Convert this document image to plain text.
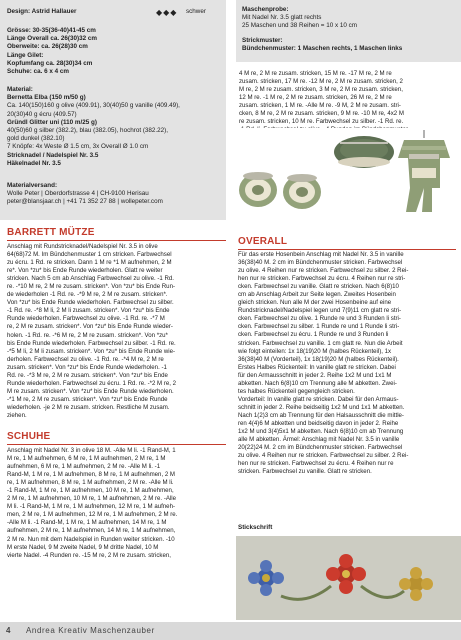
Design: Astrid Hallauer	◆◆◆ schwer

Grösse: 30-35(36-40)41-45 cm

Länge Overall ca. 26(30)32 cm

Oberweite: ca. 26(28)30 cm

Länge Gilet:

Kopfumfang ca. 28(30)34 cm

Schuhe: ca. 6 x 4 cm

Material:

Bernetta Elba (150 m/50 g)

Ca. 140(150)160 g olive (409.91), 30(40)50 g vanille (409.49),

20(30)40 g écru (409.57)

Gründl Glitter uni (110 m/25 g)

40(50)60 g silber (382.2), blau (382.05), hochrot (382.22),

gold dunkel (382.10)

7 Knöpfe: 4x Weste Ø 1.5 cm, 3x Overall Ø 1.0 cm

Stricknadel / Nadelspiel Nr. 3.5

Häkelnadel Nr. 3.5

Materialversand:

Wolle Peter | Oberdorfstrasse 4 | CH-9100 Herisau

peter@blansjaar.ch | +41 71 352 27 88 | wollepeter.com

Maschenprobe:

Mit Nadel Nr. 3.5 glatt rechts

25 Maschen und 38 Reihen = 10 x 10 cm

Strickmuster:

Bündchenmuster: 1 Maschen rechts, 1 Maschen links

4 M re, 2 M re zusam. stricken, 15 M re. -17 M re, 2 M re

zusam. stricken, 17 M re. -12 M re, 2 M re zusam. stricken, 2

M re, 2 M re zusam. stricken, 3 M re, 2 M re zusam. stricken,

12 M re. -1 M re, 2 M re zusam. stricken, 26 M re, 2 M re

zusam. stricken, 1 M re. -Alle M re. -9 M, 2 M re zusam. stri-

cken, 8 M re, 2 M re zusam. stricken, 9 M re. -10 M re, 4x2 M

re zusam. stricken, 10 M re. Farbwechsel zu silber. -1 Rd. re.

BARRETT MÜTZE

Anschlag mit Rundstricknadel/Nadelspiel Nr. 3.5 in olive

64(68)72 M. Im Bündchenmuster 1 cm stricken. Farbwechsel

zu écru. 1 Rd. re stricken. Dann 1 M re *1 M aufnehmen, 2 M

re*. Von *zu* bis Ende Runde wiederholen. Glatt re weiter

stricken. Nach 5 cm ab Anschlag Farbwechsel zu olive. -1 Rd.

re. -*10 M re, 2 M re zusam. stricken*. Von *zu* bis Ende Run-

de wiederholen -1 Rd. re. -*9 M re, 2 M re zusam. stricken*.

Von *zu* bis Ende Runde wiederholen. Farbwechsel zu silber.

-1 Rd. re. -*8 M li, 2 M li zusam. stricken*. Von *zu* bis Ende

Runde wiederholen. Farbwechsel zu olive. -1 Rd. re. -*7 M

re, 2 M re zusam. stricken*. Von *zu* bis Ende Runde wieder-

holen. -1 Rd. re. -*6 M re, 2 M re zusam. stricken*. Von *zu*

bis Ende Runde wiederholen. Farbwechsel zu silber. -1 Rd. re.

-*5 M li, 2 M li zusam. stricken*. Von *zu* bis Ende Runde wie-

derholen. Farbwechsel zu olive. -1 Rd. re. -*4 M re, 2 M re

zusam. stricken*. Von *zu* bis Ende Runde wiederholen. -1

Rd. re. -*3 M re, 2 M re zusam. stricken*. Von *zu* bis Ende

Runde wiederholen. Farbwechsel zu écru. 1 Rd. re. -*2 M re, 2

M re zusam. stricken*. Von *zu* bis Ende Runde wiederholen.

-*1 M re, 2 M re zusam. stricken*. Von *zu* bis Ende Runde

wiederholen. -je 2 M re zusam. stricken. Restliche M zusam.

ziehen.

SCHUHE

Anschlag mit Nadel Nr. 3 in olive 18 M. -Alle M li. -1 Rand-M, 1

M re, 1 M aufnehmen, 6 M re, 1 M aufnehmen, 2 M re, 1 M

aufnehmen, 6 M re, 1 M aufnehmen, 2 M re. -Alle M li. -1

Rand-M, 1 M re, 1 M aufnehmen, 8 M re, 1 M aufnehmen, 2 M

re, 1 M aufnehmen, 8 M re, 1 M aufnehmen, 2 M re. -Alle M li.

-1 Rand-M, 1 M re, 1 M aufnehmen, 10 M re, 1 M aufnehmen,

2 M re, 1 M aufnehmen, 10 M re, 1 M aufnehmen, 2 M re. -Alle

M li. -1 Rand-M, 1 M re, 1 M aufnehmen, 12 M re, 1 M aufneh-

men, 2 M re, 1 M aufnehmen, 12 M re, 1 M aufnehmen, 2 M re.

-Alle M li. -1 Rand-M, 1 M re, 1 M aufnehmen, 14 M re, 1 M

aufnehmen, 2 M re, 1 M aufnehmen, 14 M re, 1 M aufnehmen,

2 M re. Nun mit dem Nadelspiel in Runden weiter stricken. -10

M erste Nadel, 9 M zweite Nadel, 9 M dritte Nadel, 10 M

vierte Nadel. -4 Runden re. -15 M re, 2 M re zusam. stricken,

OVERALL

Für das erste Hosenbein Anschlag mit Nadel Nr. 3.5 in vanille

36(38)40 M. 2 cm im Bündchenmuster stricken. Farbwechsel

zu olive. 4 Reihen nur re stricken. Farbwechsel zu silber. 2 Rei-

hen nur re stricken. Farbwechsel zu écru. 4 Reihen nur re stri-

cken. Farbwechsel zu vanille. Glatt re stricken. Nach 6(8)10

cm ab Anschlag Arbeit zur Seite legen. Zweites Hosenbein

gleich stricken. Nun alle M der zwei Hosenbeine auf eine

Rundstricknadel/Nadelspiel legen und 7(9)11 cm glatt re stri-

cken. Farbwechsel zu olive. 1 Runde re und 3 Runden li stri-

cken. Farbwechsel zu silber. 1 Runde re und 1 Runde li stri-

cken. Farbwechsel zu écru. 1 Runde re und 3 Runden li

stricken. Farbwechsel zu vanille. 1 cm glatt re. Nun die Arbeit

wie folgt einteilen: 1x 18(19)20 M (halbes Rückenteil), 1x

36(38)40 M (Vorderteil), 1x 18(19)20 M (halbes Rückenteil).

Erstes Halbes Rückenteil: In vanille glatt re stricken. Dabei

für den Armausschnitt in jeder 2. Reihe 1x2 M und 1x1 M

abketten. Nach 6(8)10 cm Trennung alle M abketten. Zwei-

tes halbes Rückenteil gegengleich stricken.

Vorderteil: In vanille glatt re stricken. Dabei für den Armaus-

schnitt in jeder 2. Reihe beidseitig 1x2 M und 1x1 M abketten.

Nach 1(2)3 cm ab Trennung für den Halsausschnitt die mittle-

ren 4(4)6 M abketten und beidseitig davon in jeder 2. Reihe

1x2 M und 3(4)5x1 M abketten. Nach 6(8)10 cm ab Trennung

alle M abketten. Ärmel: Anschlag mit Nadel Nr. 3.5 in vanille

20(22)24 M. 2 cm im Bündchenmuster stricken. Farbwechsel

zu olive. 4 Reihen nur re stricken. Farbwechsel zu silber. 2 Rei-

hen nur re stricken. Farbwechsel zu écru. 4 Reihen nur re

stricken. Farbwechsel zu vanille. Glatt re stricken.

Stickschrift
4 Andrea Kreativ Maschenzauber
